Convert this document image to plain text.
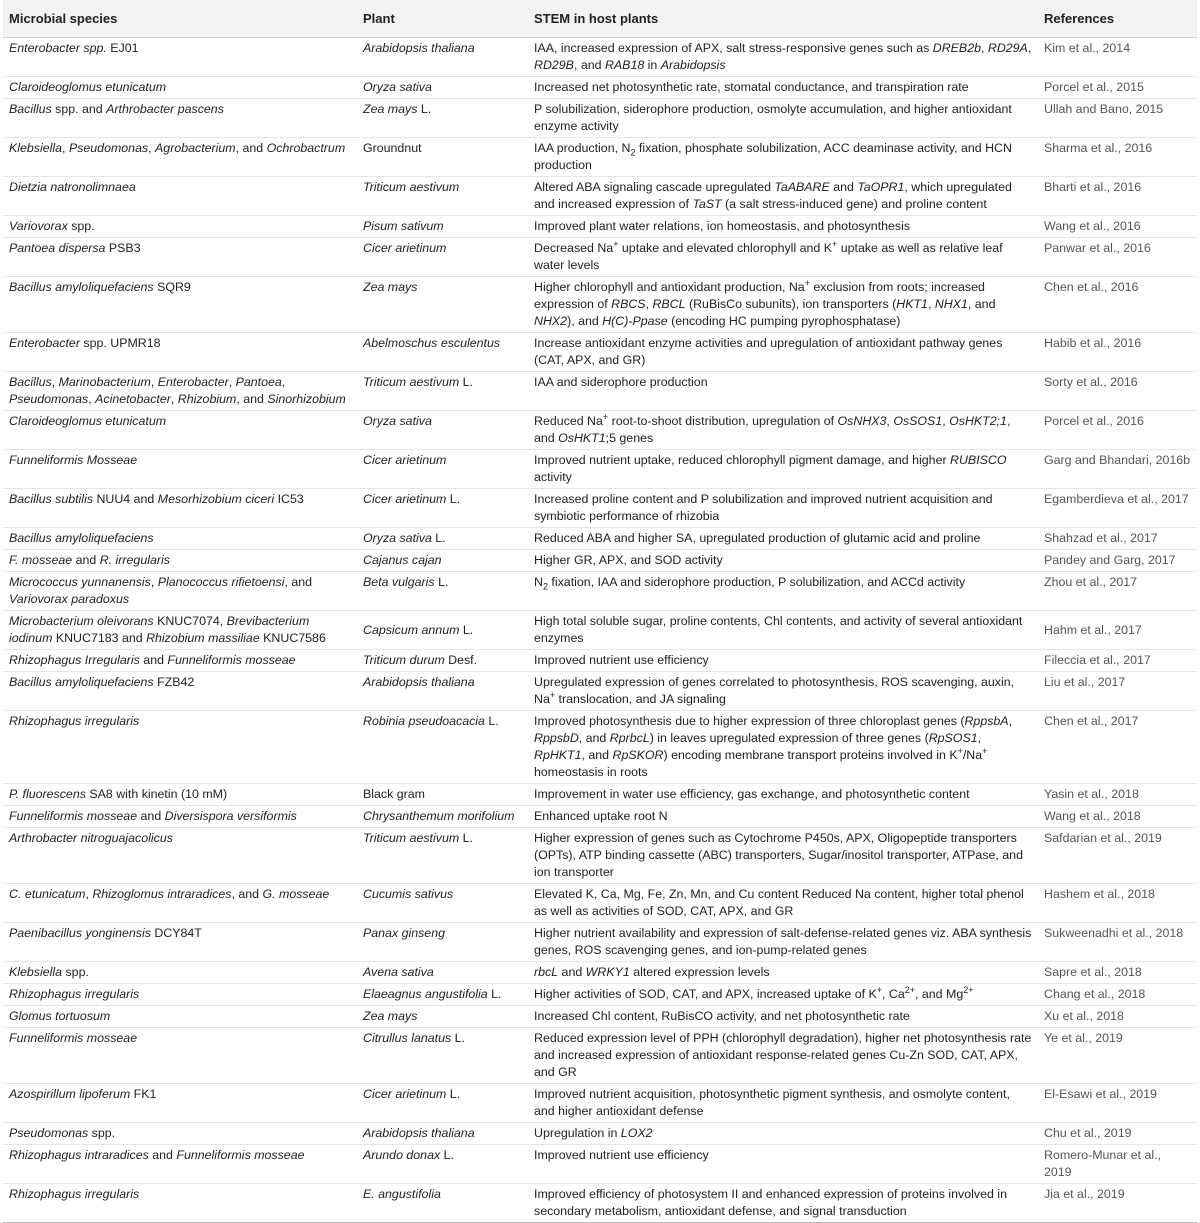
Microbial species	Plant	STEM in host plants	References
Enterobacter spp. EJ01	Arabidopsis thaliana	IAA, increased expression of APX, salt stress-responsive genes such as DREB2b, RD29A, RD29B, and RAB18 in Arabidopsis	Kim et al., 2014
Claroideoglomus etunicatum	Oryza sativa	Increased net photosynthetic rate, stomatal conductance, and transpiration rate	Porcel et al., 2015
Bacillus spp. and Arthrobacter pascens	Zea mays L.	P solubilization, siderophore production, osmolyte accumulation, and higher antioxidant enzyme activity	Ullah and Bano, 2015
Klebsiella, Pseudomonas, Agrobacterium, and Ochrobactrum	Groundnut	IAA production, $N_2$ fixation, phosphate solubilization, ACC deaminase activity, and HCN production	Sharma et al., 2016
Dietzia natronolimnaea	Triticum aestivum	Altered ABA signaling cascade upregulated TaABARE and TaOPR1, which upregulated and increased expression of TaST (a salt stress-induced gene) and proline content	Bharti et al., 2016
Variovorax spp.	Pisum sativum	Improved plant water relations, ion homeostasis, and photosynthesis	Wang et al., 2016
Pantoea dispersa PSB3	Cicer arietinum	Decreased Na+ uptake and elevated chlorophyll and K+ uptake as well as relative leaf water levels	Panwar et al., 2016
Bacillus amyloliquefaciens SQR9	Zea mays	Higher chlorophyll and antioxidant production, Na+ exclusion from roots; increased expression of RBCS, RBCL (RuBisCo subunits), ion transporters (HKT1, NHX1, and NHX2), and H(C)-Ppase (encoding HC pumping pyrophosphatase)	Chen et al., 2016
Enterobacter spp. UPMR18	Abelmoschus esculentus	Increase antioxidant enzyme activities and upregulation of antioxidant pathway genes (CAT, APX, and GR)	Habib et al., 2016
Bacillus, Marinobacterium, Enterobacter, Pantoea, Pseudomonas, Acinetobacter, Rhizobium, and Sinorhizobium	Triticum aestivum L.	IAA and siderophore production	Sorty et al., 2016
Claroideoglomus etunicatum	Oryza sativa	Reduced Na+ root-to-shoot distribution, upregulation of OsNHX3, OsSOS1, OsHKT2;1, and OsHKT1;5 genes	Porcel et al., 2016
Funneliformis Mosseae	Cicer arietinum	Improved nutrient uptake, reduced chlorophyll pigment damage, and higher RUBISCO activity	Garg and Bhandari, 2016b
Bacillus subtilis NUU4 and Mesorhizobium ciceri IC53	Cicer arietinum L.	Increased proline content and P solubilization and improved nutrient acquisition and symbiotic performance of rhizobia	Egamberdieva et al., 2017
Bacillus amyloliquefaciens	Oryza sativa L.	Reduced ABA and higher SA, upregulated production of glutamic acid and proline	Shahzad et al., 2017
F. mosseae and R. irregularis	Cajanus cajan	Higher GR, APX, and SOD activity	Pandey and Garg, 2017
Micrococcus yunnanensis, Planococcus rifietoensi, and Variovorax paradoxus	Beta vulgaris L.	$N_2$ fixation, IAA and siderophore production, P solubilization, and ACCd activity	Zhou et al., 2017
Microbacterium oleivorans KNUC7074, Brevibacterium iodinum KNUC7183 and Rhizobium massiliae KNUC7586	Capsicum annum L.	High total soluble sugar, proline contents, Chl contents, and activity of several antioxidant enzymes	Hahm et al., 2017
Rhizophagus Irregularis and Funneliformis mosseae	Triticum durum Desf.	Improved nutrient use efficiency	Fileccia et al., 2017
Bacillus amyloliquefaciens FZB42	Arabidopsis thaliana	Upregulated expression of genes correlated to photosynthesis, ROS scavenging, auxin, Na+ translocation, and JA signaling	Liu et al., 2017
Rhizophagus irregularis	Robinia pseudoacacia L.	Improved photosynthesis due to higher expression of three chloroplast genes (RppsbA, RppsbD, and RprbcL) in leaves upregulated expression of three genes (RpSOS1, RpHKT1, and RpSKOR) encoding membrane transport proteins involved in K+/Na+ homeostasis in roots	Chen et al., 2017
P. fluorescens SA8 with kinetin (10 mM)	Black gram	Improvement in water use efficiency, gas exchange, and photosynthetic content	Yasin et al., 2018
Funneliformis mosseae and Diversispora versiformis	Chrysanthemum morifolium	Enhanced uptake root N	Wang et al., 2018
Arthrobacter nitroguajacolicus	Triticum aestivum L.	Higher expression of genes such as Cytochrome P450s, APX, Oligopeptide transporters (OPTs), ATP binding cassette (ABC) transporters, Sugar/inositol transporter, ATPase, and ion transporter	Safdarian et al., 2019
C. etunicatum, Rhizoglomus intraradices, and G. mosseae	Cucumis sativus	Elevated K, Ca, Mg, Fe, Zn, Mn, and Cu content Reduced Na content, higher total phenol as well as activities of SOD, CAT, APX, and GR	Hashem et al., 2018
Paenibacillus yonginensis DCY84T	Panax ginseng	Higher nutrient availability and expression of salt-defense-related genes viz. ABA synthesis genes, ROS scavenging genes, and ion-pump-related genes	Sukweenadhi et al., 2018
Klebsiella spp.	Avena sativa	rbcL and WRKY1 altered expression levels	Sapre et al., 2018
Rhizophagus irregularis	Elaeagnus angustifolia L.	Higher activities of SOD, CAT, and APX, increased uptake of K+, $Ca^{2+}$, and $Mg^{2+}$	Chang et al., 2018
Glomus tortuosum	Zea mays	Increased Chl content, RuBisCO activity, and net photosynthetic rate	Xu et al., 2018
Funneliformis mosseae	Citrullus lanatus L.	Reduced expression level of PPH (chlorophyll degradation), higher net photosynthesis rate and increased expression of antioxidant response-related genes Cu-Zn SOD, CAT, APX, and GR	Ye et al., 2019
Azospirillum lipoferum FK1	Cicer arietinum L.	Improved nutrient acquisition, photosynthetic pigment synthesis, and osmolyte content, and higher antioxidant defense	El-Esawi et al., 2019
Pseudomonas spp.	Arabidopsis thaliana	Upregulation in LOX2	Chu et al., 2019
Rhizophagus intraradices and Funneliformis mosseae	Arundo donax L.	Improved nutrient use efficiency	Romero-Munar et al., 2019
Rhizophagus irregularis	E. angustifolia	Improved efficiency of photosystem II and enhanced expression of proteins involved in secondary metabolism, antioxidant defense, and signal transduction	Jia et al., 2019
